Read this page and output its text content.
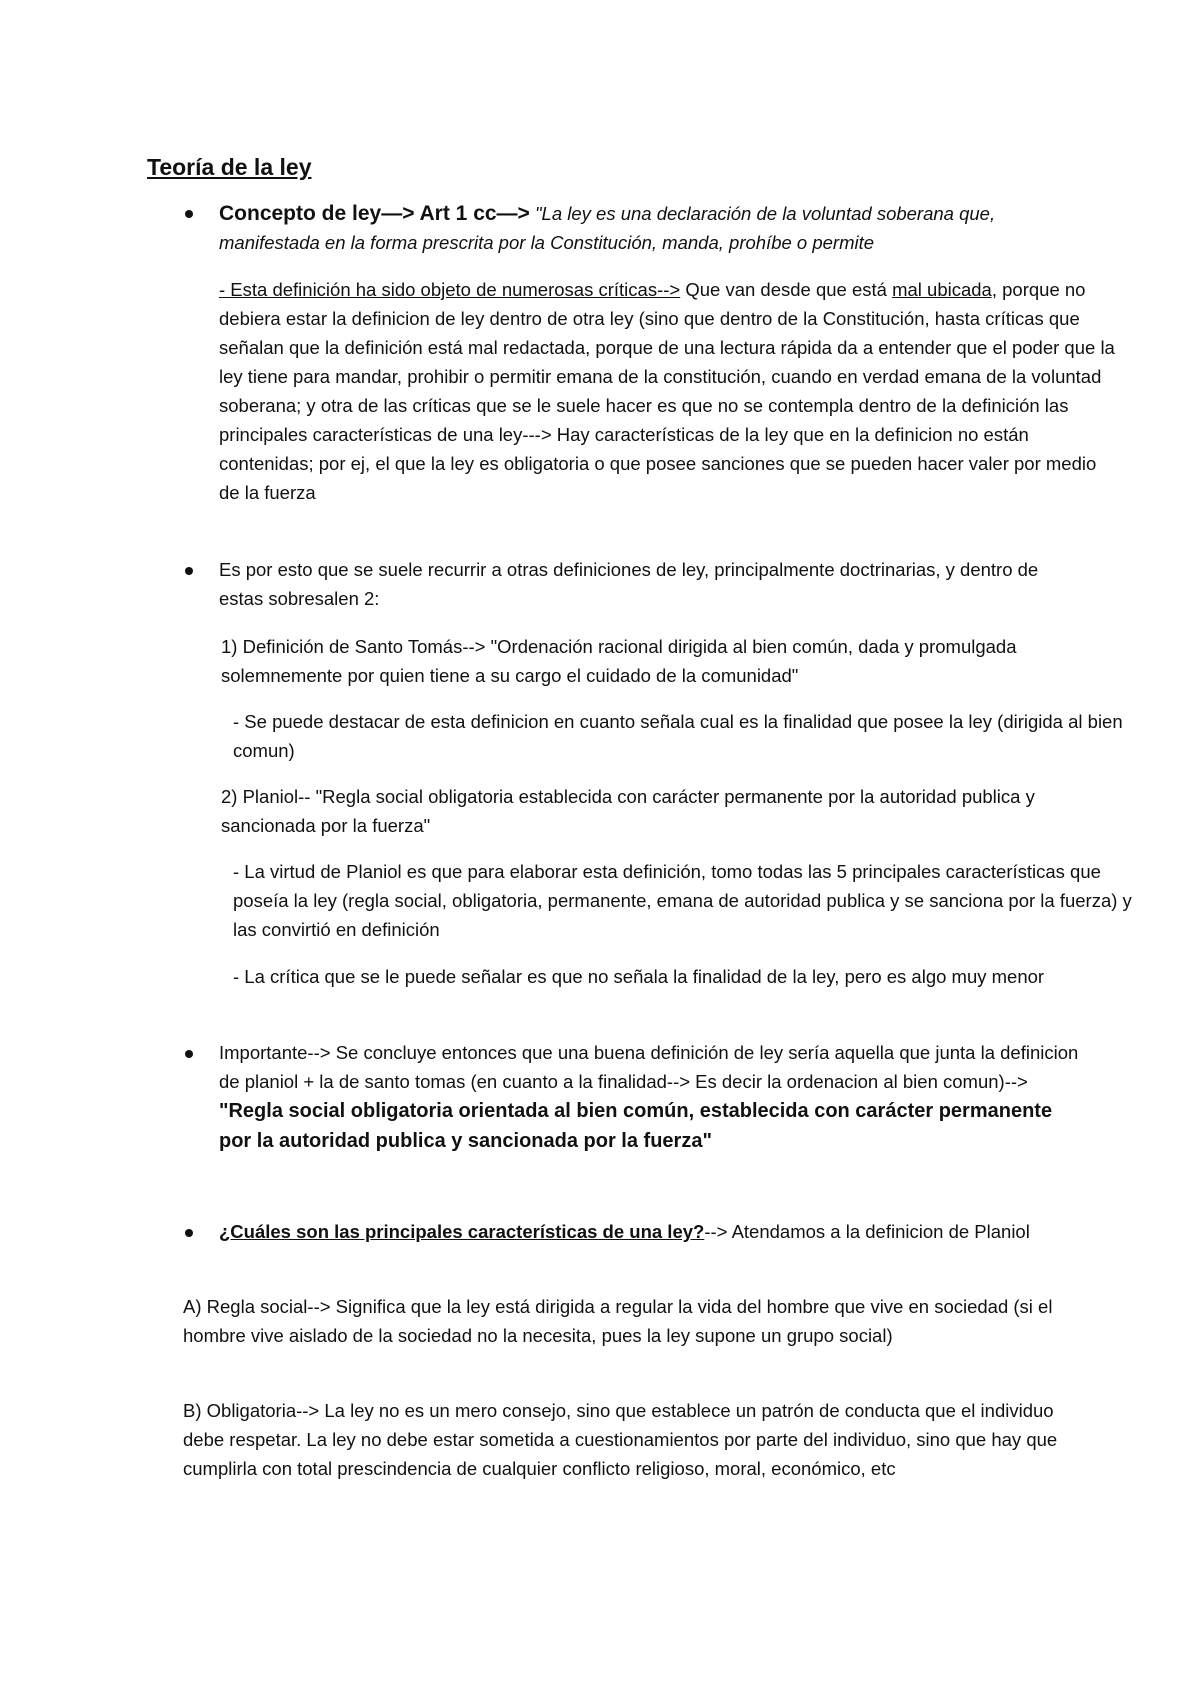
Teoría de la ley
Concepto de ley—> Art 1 cc—> "La ley es una declaración de la voluntad soberana que, manifestada en la forma prescrita por la Constitución, manda, prohíbe o permite
- Esta definición ha sido objeto de numerosas críticas--> Que van desde que está mal ubicada, porque no debiera estar la definicion de ley dentro de otra ley (sino que dentro de la Constitución, hasta críticas que señalan que la definición está mal redactada, porque de una lectura rápida da a entender que el poder que la ley tiene para mandar, prohibir o permitir emana de la constitución, cuando en verdad emana de la voluntad soberana; y otra de las críticas que se le suele hacer es que no se contempla dentro de la definición las principales características de una ley---> Hay características de la ley que en la definicion no están contenidas; por ej, el que la ley es obligatoria o que posee sanciones que se pueden hacer valer por medio de la fuerza
Es por esto que se suele recurrir a otras definiciones de ley, principalmente doctrinarias, y dentro de estas sobresalen 2:
1) Definición de Santo Tomás--> "Ordenación racional dirigida al bien común, dada y promulgada solemnemente por quien tiene a su cargo el cuidado de la comunidad"
- Se puede destacar de esta definicion en cuanto señala cual es la finalidad que posee la ley (dirigida al bien comun)
2) Planiol-- "Regla social obligatoria establecida con carácter permanente por la autoridad publica y sancionada por la fuerza"
- La virtud de Planiol es que para elaborar esta definición, tomo todas las 5 principales características que poseía la ley (regla social, obligatoria, permanente, emana de autoridad publica y se sanciona por la fuerza) y las convirtió en definición
- La crítica que se le puede señalar es que no señala la finalidad de la ley, pero es algo muy menor
Importante--> Se concluye entonces que una buena definición de ley sería aquella que junta la definicion de planiol + la de santo tomas (en cuanto a la finalidad--> Es decir la ordenacion al bien comun)--> "Regla social obligatoria orientada al bien común, establecida con carácter permanente por la autoridad publica y sancionada por la fuerza"
¿Cuáles son las principales características de una ley?--> Atendamos a la definicion de Planiol
A) Regla social--> Significa que la ley está dirigida a regular la vida del hombre que vive en sociedad (si el hombre vive aislado de la sociedad no la necesita, pues la ley supone un grupo social)
B) Obligatoria--> La ley no es un mero consejo, sino que establece un patrón de conducta que el individuo debe respetar. La ley no debe estar sometida a cuestionamientos por parte del individuo, sino que hay que cumplirla con total prescindencia de cualquier conflicto religioso, moral, económico, etc
